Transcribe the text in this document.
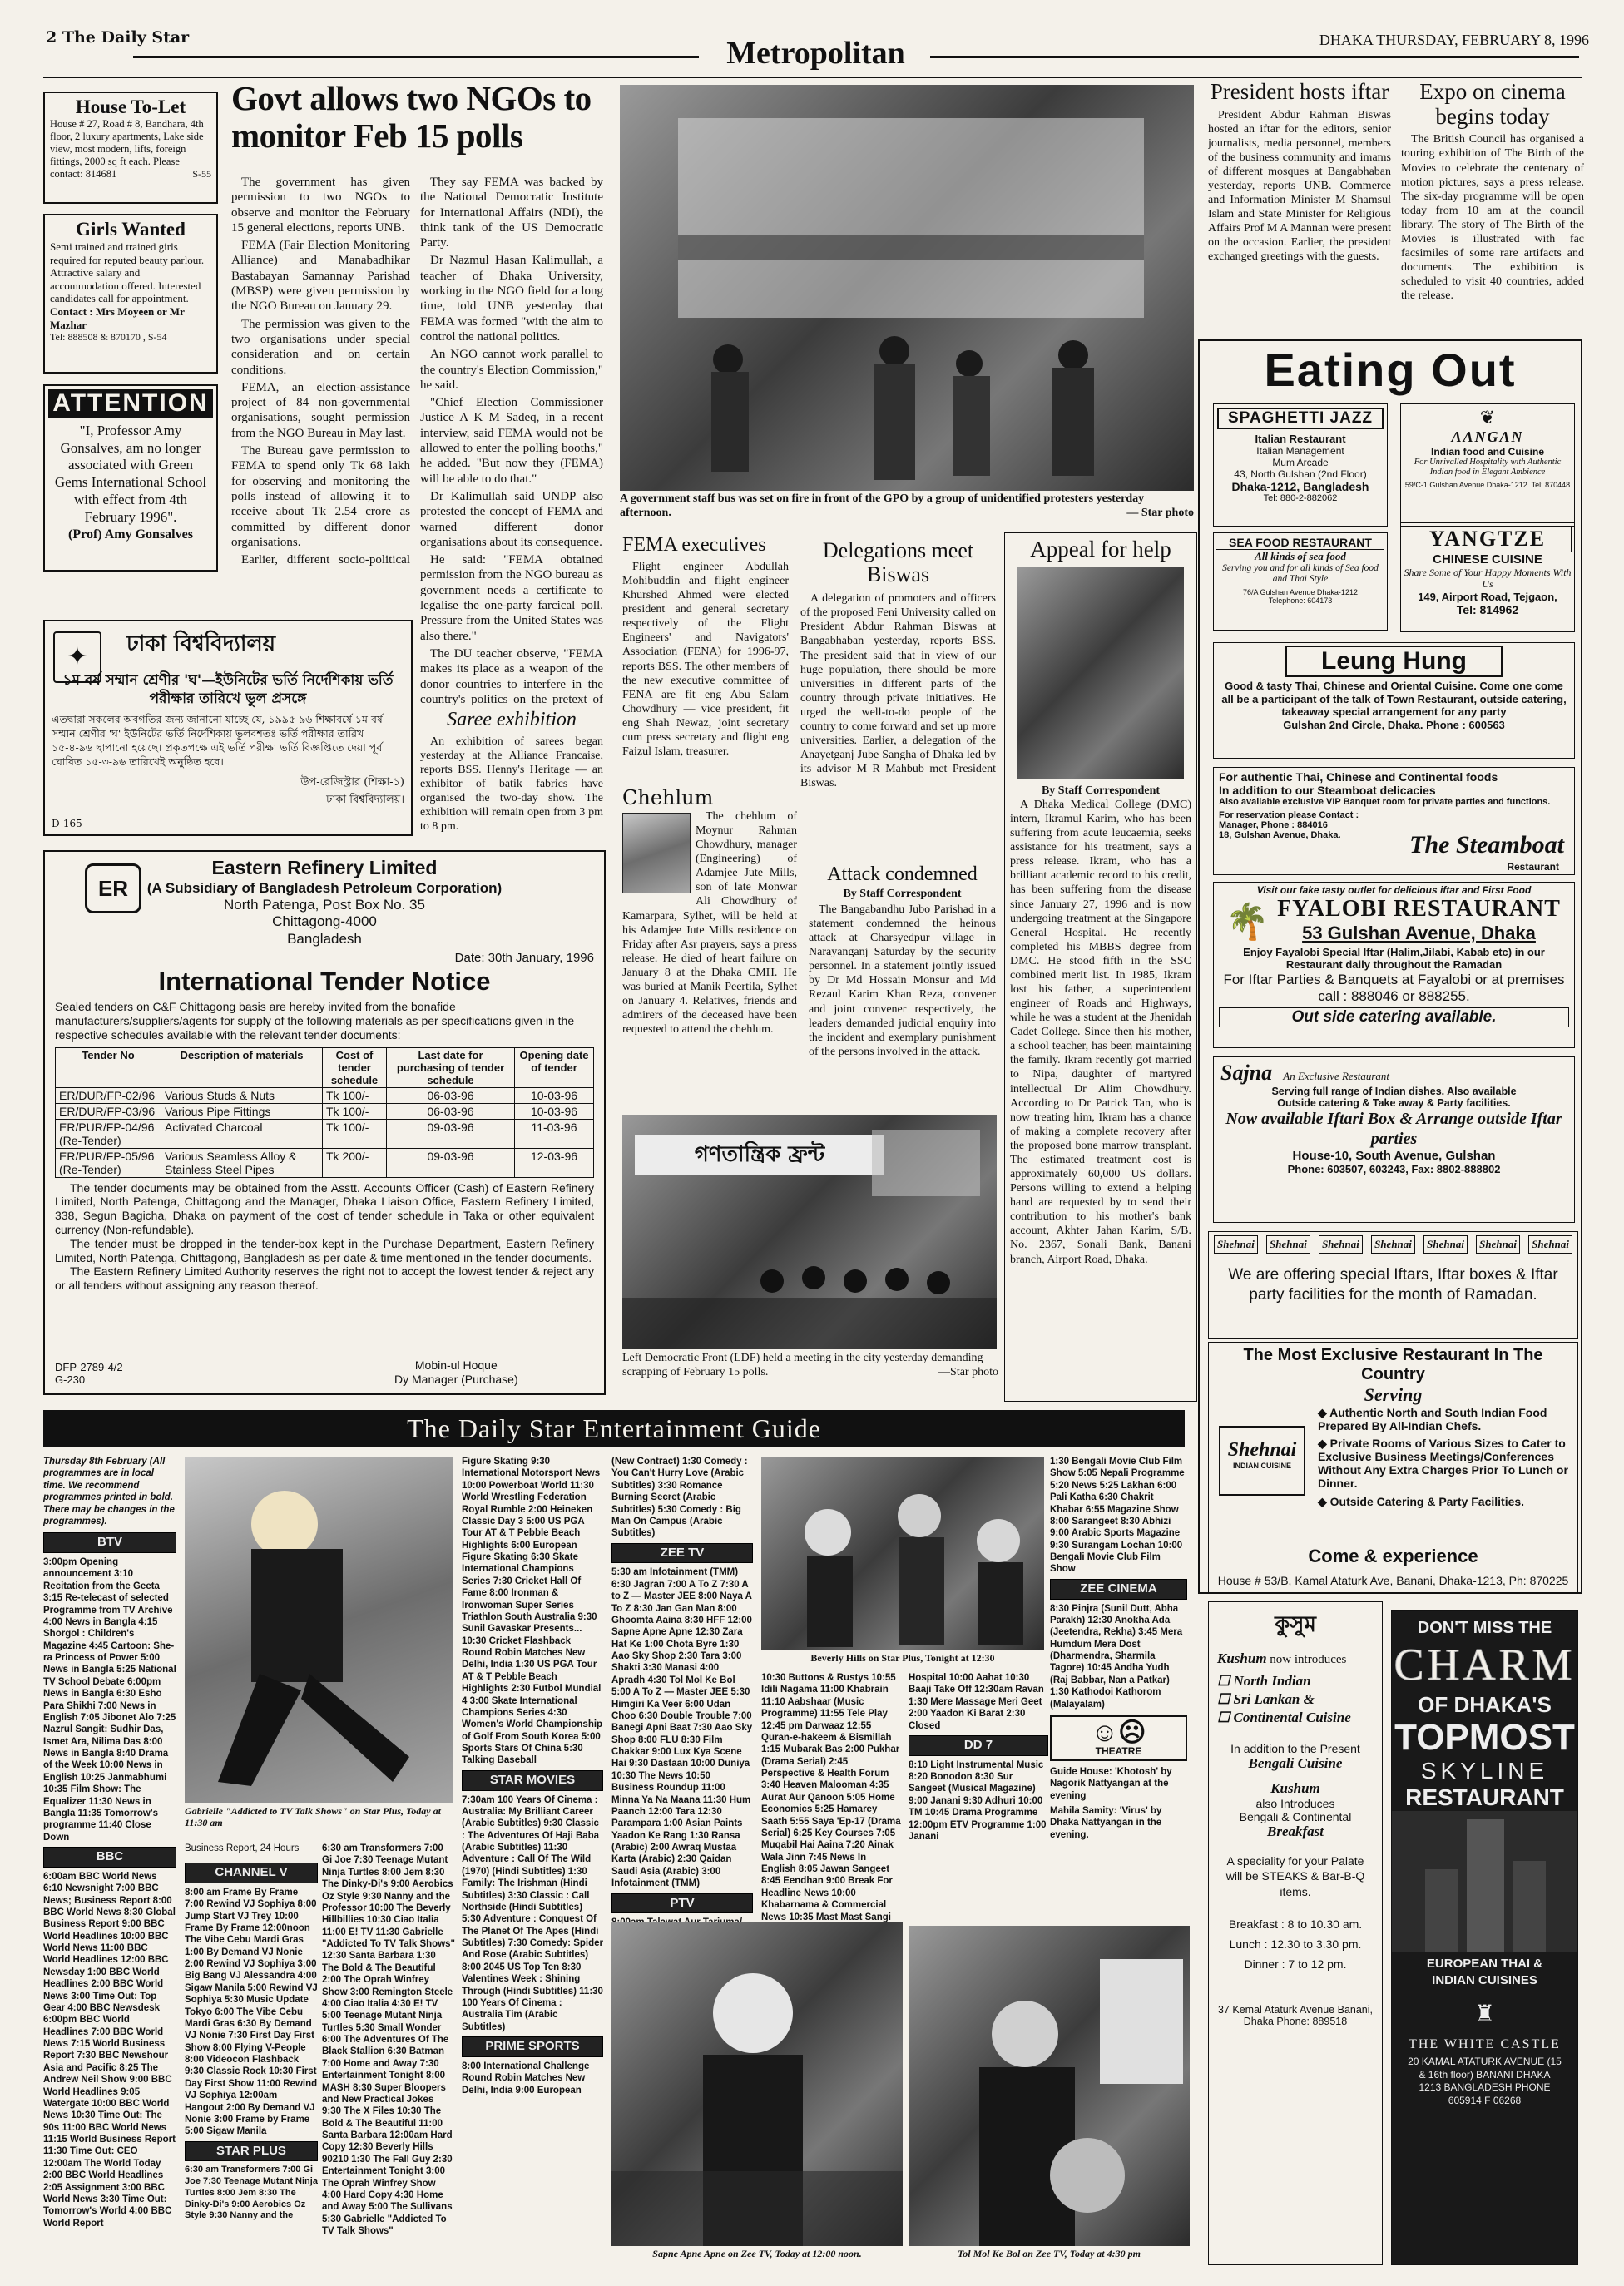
2 The Daily Star	Metropolitan	DHAKA THURSDAY, FEBRUARY 8, 1996
House To-Let
House # 27, Road # 8, Bandhara, 4th floor, 2 luxury apartments, Lake side view, most modern, lifts, foreign fittings, 2000 sq ft each. Please contact: 814681	S-55
Girls Wanted
Semi trained and trained girls required for reputed beauty parlour. Attractive salary and accommodation offered. Interested candidates call for appointment.
Contact : Mrs Moyeen or Mr Mazhar
Tel: 888508 & 870170 , S-54
ATTENTION
"I, Professor Amy Gonsalves, am no longer associated with Green Gems International School with effect from 4th February 1996".
(Prof) Amy Gonsalves
Govt allows two NGOs to monitor Feb 15 polls

The government has given permission to two NGOs to observe and monitor the February 15 general elections, reports UNB.

FEMA (Fair Election Monitoring Alliance) and Manabadhikar Bastabayan Samannay Parishad (MBSP) were given permission by the NGO Bureau on January 29.

The permission was given to the two organisations under special consideration and on certain conditions.

FEMA, an election-assistance project of 84 non-governmental organisations, sought permission from the NGO Bureau in May last.

The Bureau gave permission to FEMA to spend only Tk 68 lakh for observing and monitoring the polls instead of allowing it to receive about Tk 2.54 crore as committed by different donor organisations.

Earlier, different socio-political

They say FEMA was backed by the National Democratic Institute for International Affairs (NDI), the think tank of the US Democratic Party.

Dr Nazmul Hasan Kalimullah, a teacher of Dhaka University, working in the NGO field for a long time, told UNB yesterday that FEMA was formed "with the aim to control the national politics.

An NGO cannot work parallel to the country's Election Commission," he said.

"Chief Election Commissioner Justice A K M Sadeq, in a recent interview, said FEMA would not be allowed to enter the polling booths," he added. "But now they (FEMA) will be able to do that."

Dr Kalimullah said UNDP also protested the concept of FEMA and warned different donor organisations about its consequence.

He said: "FEMA obtained permission from the NGO bureau as government needs a certificate to legalise the one-party farcical poll. Pressure from the United States was also there."

The DU teacher observe, "FEMA makes its place as a weapon of the donor countries to interfere in the country's politics on the pretext of

A government staff bus was set on fire in front of the GPO by a group of unidentified protesters yesterday afternoon.	— Star photo
President hosts iftar
President Abdur Rahman Biswas hosted an iftar for the editors, senior journalists, media personnel, members of the business community and imams of different mosques at Bangabhaban yesterday, reports UNB. Commerce and Information Minister M Shamsul Islam and State Minister for Religious Affairs Prof M A Mannan were present on the occasion. Earlier, the president exchanged greetings with the guests.
Expo on cinema begins today
The British Council has organised a touring exhibition of The Birth of the Movies to celebrate the centenary of motion pictures, says a press release. The six-day programme will be open today from 10 am at the council library. The story of The Birth of the Movies is illustrated with fac facsimiles of some rare artifacts and documents. The exhibition is scheduled to visit 40 countries, added the release.
✦	ঢাকা বিশ্ববিদ্যালয়
১ম বর্ষ সম্মান শ্রেণীর 'ঘ'—ইউনিটের ভর্তি নির্দেশিকায় ভর্তি পরীক্ষার তারিখে ভুল প্রসঙ্গে
এতদ্বারা সকলের অবগতির জন্য জানানো যাচ্ছে যে, ১৯৯৫-৯৬ শিক্ষাবর্ষে ১ম বর্ষ সম্মান শ্রেণীর 'ঘ' ইউনিটের ভর্তি নির্দেশিকায় ভুলবশতঃ ভর্তি পরীক্ষার তারিখ ১৫-৪-৯৬ ছাপানো হয়েছে। প্রকৃতপক্ষে এই ভর্তি পরীক্ষা ভর্তি বিজ্ঞপ্তিতে দেয়া পূর্ব ঘোষিত ১৫-৩-৯৬ তারিখেই অনুষ্ঠিত হবে।
উপ-রেজিস্ট্রার (শিক্ষা-১)
ঢাকা বিশ্ববিদ্যালয়।
D-165
Saree exhibition
An exhibition of sarees began yesterday at the Alliance Francaise, reports BSS. Henny's Heritage — an exhibitor of batik fabrics have organised the two-day show. The exhibition will remain open from 3 pm to 8 pm.
FEMA executives
Flight engineer Abdullah Mohibuddin and flight engineer Khurshed Ahmed were elected president and general secretary respectively of the Flight Engineers' and Navigators' Association (FENA) for 1996-97, reports BSS. The other members of the new executive committee of FENA are fit eng Abu Salam Chowdhury — vice president, fit eng Shah Newaz, joint secretary cum press secretary and flight eng Faizul Islam, treasurer.
Delegations meet Biswas
A delegation of promoters and officers of the proposed Feni University called on President Abdur Rahman Biswas at Bangabhaban yesterday, reports BSS. The president said that in view of our huge population, there should be more universities in different parts of the country through private initiatives. He urged the well-to-do people of the country to come forward and set up more universities. Earlier, a delegation of the Anayetganj Jube Sangha of Dhaka led by its advisor M R Mahbub met President Biswas.
Chehlum
The chehlum of Moynur Rahman Chowdhury, manager (Engineering) of Adamjee Jute Mills, son of late Monwar Ali Chowdhury of Kamarpara, Sylhet, will be held at his Adamjee Jute Mills residence on Friday after Asr prayers, says a press release. He died of heart failure on January 8 at the Dhaka CMH. He was buried at Manik Peertila, Sylhet on January 4. Relatives, friends and admirers of the deceased have been requested to attend the chehlum.
Attack condemned
By Staff Correspondent
The Bangabandhu Jubo Parishad in a statement condemned the heinous attack at Charsyedpur village in Narayanganj Saturday by the security personnel. In a statement jointly issued by Dr Md Hossain Monsur and Md Rezaul Karim Khan Reza, convener and joint convener respectively, the leaders demanded judicial enquiry into the incident and exemplary punishment of the persons involved in the attack.
Appeal for help
By Staff Correspondent
A Dhaka Medical College (DMC) intern, Ikramul Karim, who has been suffering from acute leucaemia, seeks assistance for his treatment, says a press release. Ikram, who has a brilliant academic record to his credit, has been suffering from the disease since January 27, 1996 and is now undergoing treatment at the Singapore General Hospital. He recently completed his MBBS degree from DMC. He stood fifth in the SSC combined merit list. In 1985, Ikram lost his father, a superintendent engineer of Roads and Highways, while he was a student at the Jhenidah Cadet College. Since then his mother, a school teacher, has been maintaining the family. Ikram recently got married to Nipa, daughter of martyred intellectual Dr Alim Chowdhury. According to Dr Patrick Tan, who is now treating him, Ikram has a chance of making a complete recovery after the proposed bone marrow transplant. The estimated treatment cost is approximately 60,000 US dollars. Persons willing to extend a helping hand are requested by to send their contribution to his mother's bank account, Akhter Jahan Karim, S/B. No. 2367, Sonali Bank, Banani branch, Airport Road, Dhaka.
গণতান্ত্রিক ফ্রন্ট
Left Democratic Front (LDF) held a meeting in the city yesterday demanding scrapping of February 15 polls.	—Star photo
ER
Eastern Refinery Limited
(A Subsidiary of Bangladesh Petroleum Corporation)
North Patenga, Post Box No. 35
Chittagong-4000
Bangladesh
Date: 30th January, 1996
International Tender Notice
Sealed tenders on C&F Chittagong basis are hereby invited from the bonafide manufacturers/suppliers/agents for supply of the following materials as per specifications given in the respective schedules available with the relevant tender documents:
Tender No	Description of materials	Cost of tender schedule	Last date for purchasing of tender schedule	Opening date of tender
ER/DUR/FP-02/96	Various Studs & Nuts	Tk 100/-	06-03-96	10-03-96
ER/DUR/FP-03/96	Various Pipe Fittings	Tk 100/-	06-03-96	10-03-96
ER/PUR/FP-04/96 (Re-Tender)	Activated Charcoal	Tk 100/-	09-03-96	11-03-96
ER/PUR/FP-05/96 (Re-Tender)	Various Seamless Alloy & Stainless Steel Pipes	Tk 200/-	09-03-96	12-03-96

The tender documents may be obtained from the Asstt. Accounts Officer (Cash) of Eastern Refinery Limited, North Patenga, Chittagong and the Manager, Dhaka Liaison Office, Eastern Refinery Limited, 338, Segun Bagicha, Dhaka on payment of the cost of tender schedule in Taka or other equivalent currency (Non-refundable).

The tender must be dropped in the tender-box kept in the Purchase Department, Eastern Refinery Limited, North Patenga, Chittagong, Bangladesh as per date & time mentioned in the tender documents.

The Eastern Refinery Limited Authority reserves the right not to accept the lowest tender & reject any or all tenders without assigning any reason thereof.

DFP-2789-4/2
G-230
Mobin-ul Hoque
Dy Manager (Purchase)
Eating Out
SPAGHETTI JAZZ
Italian Restaurant
Italian Management
Mum Arcade
43, North Gulshan (2nd Floor)
Dhaka-1212, Bangladesh
Tel: 880-2-882062
❦
AANGAN
Indian food and Cuisine
For Unrivalled Hospitality with Authentic Indian food in Elegant Ambience
59/C-1 Gulshan Avenue Dhaka-1212. Tel: 870448
SEA FOOD RESTAURANT
All kinds of sea food
Serving you and for all kinds of Sea food and Thai Style
76/A Gulshan Avenue Dhaka-1212
Telephone: 604173
YANGTZE
CHINESE CUISINE
Share Some of Your Happy Moments With Us
149, Airport Road, Tejgaon,
Tel: 814962
Leung Hung
Good & tasty Thai, Chinese and Oriental Cuisine. Come one come all be a participant of the talk of Town Restaurant, outside catering, takeaway special arrangement for any party
Gulshan 2nd Circle, Dhaka. Phone : 600563
For authentic Thai, Chinese and Continental foods
In addition to our Steamboat delicacies
Also available exclusive VIP Banquet room for private parties and functions.
For reservation please Contact : Manager, Phone : 884016
18, Gulshan Avenue, Dhaka.	The Steamboat
Restaurant
Visit our fake tasty outlet for delicious iftar and First Food
🌴 FYALOBI RESTAURANT
53 Gulshan Avenue, Dhaka
Enjoy Fayalobi Special Iftar (Halim,Jilabi, Kabab etc) in our Restaurant daily throughout the Ramadan
For Iftar Parties & Banquets at Fayalobi or at premises call : 888046 or 888255.
Out side catering available.
Sajna An Exclusive Restaurant
Serving full range of Indian dishes. Also available
Outside catering & Take away & Party facilities.
Now available Iftari Box & Arrange outside Iftar parties
House-10, South Avenue, Gulshan
Phone: 603507, 603243, Fax: 8802-888802
Shehnai	Shehnai	Shehnai	Shehnai	Shehnai	Shehnai	Shehnai
We are offering special Iftars, Iftar boxes & Iftar party facilities for the month of Ramadan.
The Most Exclusive Restaurant In The Country
Serving
Shehnai
INDIAN CUISINE
◆ Authentic North and South Indian Food Prepared By All-Indian Chefs.
◆ Private Rooms of Various Sizes to Cater to Exclusive Business Meetings/Conferences Without Any Extra Charges Prior To Lunch or Dinner.
◆ Outside Catering & Party Facilities.
Come & experience
House # 53/B, Kamal Ataturk Ave, Banani, Dhaka-1213, Ph: 870225
কুসুম
Kushum now introduces
☐ North Indian
☐ Sri Lankan &
☐ Continental Cuisine
In addition to the Present
Bengali Cuisine
Kushum
also Introduces
Bengali & Continental
Breakfast
A speciality for your Palate will be STEAKS & Bar-B-Q items.
Breakfast : 8 to 10.30 am.
Lunch : 12.30 to 3.30 pm.
Dinner : 7 to 12 pm.
37 Kemal Ataturk Avenue Banani, Dhaka Phone: 889518
DON'T MISS THE
CHARM
OF DHAKA'S
TOPMOST
SKYLINE
RESTAURANT
EUROPEAN THAI & INDIAN CUISINES
♜
THE WHITE CASTLE
20 KAMAL ATATURK AVENUE (15 & 16th floor) BANANI DHAKA 1213 BANGLADESH PHONE 605914 F 06268
The Daily Star Entertainment Guide
Thursday 8th February (All programmes are in local time. We recommend programmes printed in bold. There may be changes in the programmes).
BTV
3:00pm Opening announcement 3:10 Recitation from the Geeta 3:15 Re-telecast of selected Programme from TV Archive 4:00 News in Bangla 4:15 Shorgol : Children's Magazine 4:45 Cartoon: She-ra Princess of Power 5:00 News in Bangla 5:25 National TV School Debate 6:00pm News in Bangla 6:30 Esho Para Shikhi 7:00 News in English 7:05 Jibonet Alo 7:25 Nazrul Sangit: Sudhir Das, Ismet Ara, Nilima Das 8:00 News in Bangla 8:40 Drama of the Week 10:00 News in English 10:25 Janmabhumi 10:35 Film Show: The Equalizer 11:30 News in Bangla 11:35 Tomorrow's programme 11:40 Close Down
BBC
6:00am BBC World News 6:10 Newsnight 7:00 BBC News; Business Report 8:00 BBC World News 8:30 Global Business Report 9:00 BBC World Headlines 10:00 BBC World News 11:00 BBC World Headlines 12:00 BBC Newsday 1:00 BBC World Headlines 2:00 BBC World News 3:00 Time Out: Top Gear 4:00 BBC Newsdesk 6:00pm BBC World Headlines 7:00 BBC World News 7:15 World Business Report 7:30 BBC Newshour Asia and Pacific 8:25 The Andrew Neil Show 9:00 BBC World Headlines 9:05 Watergate 10:00 BBC World News 10:30 Time Out: The 90s 11:00 BBC World News 11:15 World Business Report 11:30 Time Out: CEO 12:00am The World Today 2:00 BBC World Headlines 2:05 Assignment 3:00 BBC World News 3:30 Time Out: Tomorrow's World 4:00 BBC World Report
Gabrielle "Addicted to TV Talk Shows" on Star Plus, Today at 11:30 am
Business Report, 24 Hours
CHANNEL V
8:00 am Frame By Frame 7:00 Rewind VJ Sophiya 8:00 Jump Start VJ Trey 10:00 Frame By Frame 12:00noon The Vibe Cebu Mardi Gras 1:00 By Demand VJ Nonie 2:00 Rewind VJ Sophiya 3:00 Big Bang VJ Alessandra 4:00 Sigaw Manila 5:00 Rewind VJ Sophiya 5:30 Music Update Tokyo 6:00 The Vibe Cebu Mardi Gras 6:30 By Demand VJ Nonie 7:30 First Day First Show 8:00 Flying V-People 8:00 Videocon Flashback 9:30 Classic Rock 10:30 First Day First Show 11:00 Rewind VJ Sophiya 12:00am Hangout 2:00 By Demand VJ Nonie 3:00 Frame by Frame 5:00 Sigaw Manila
STAR PLUS
6:30 am Transformers 7:00 Gi Joe 7:30 Teenage Mutant Ninja Turtles 8:00 Jem 8:30 The Dinky-Di's 9:00 Aerobics Oz Style 9:30 Nanny and the
6:30 am Transformers 7:00 Gi Joe 7:30 Teenage Mutant Ninja Turtles 8:00 Jem 8:30 The Dinky-Di's 9:00 Aerobics Oz Style 9:30 Nanny and the Professor 10:00 The Beverly Hillbillies 10:30 Ciao Italia 11:00 E! TV 11:30 Gabrielle "Addicted To TV Talk Shows" 12:30 Santa Barbara 1:30 The Bold & The Beautiful 2:00 The Oprah Winfrey Show 3:00 Remington Steele 4:00 Ciao Italia 4:30 E! TV 5:00 Teenage Mutant Ninja Turtles 5:30 Small Wonder 6:00 The Adventures Of The Black Stallion 6:30 Batman 7:00 Home and Away 7:30 Entertainment Tonight 8:00 MASH 8:30 Super Bloopers and New Practical Jokes 9:30 The X Files 10:30 The Bold & The Beautiful 11:00 Santa Barbara 12:00am Hard Copy 12:30 Beverly Hills 90210 1:30 The Fall Guy 2:30 Entertainment Tonight 3:00 The Oprah Winfrey Show 4:00 Hard Copy 4:30 Home and Away 5:00 The Sullivans 5:30 Gabrielle "Addicted To TV Talk Shows"
Figure Skating 9:30 International Motorsport News 10:00 Powerboat World 11:30 World Wrestling Federation Royal Rumble 2:00 Heineken Classic Day 3 5:00 US PGA Tour AT & T Pebble Beach Highlights 6:00 European Figure Skating 6:30 Skate International Champions Series 7:30 Cricket Hall Of Fame 8:00 Ironman & Ironwoman Super Series Triathlon South Australia 9:30 Sunil Gavaskar Presents... 10:30 Cricket Flashback Round Robin Matches New Delhi, India 1:30 US PGA Tour AT & T Pebble Beach Highlights 2:30 Futbol Mundial 4 3:00 Skate International Champions Series 4:30 Women's World Championship of Golf From South Korea 5:00 Sports Stars Of China 5:30 Talking Baseball
STAR MOVIES
7:30am 100 Years Of Cinema : Australia: My Brilliant Career (Arabic Subtitles) 9:30 Classic : The Adventures Of Haji Baba (Arabic Subtitles) 11:30 Adventure : Call Of The Wild (1970) (Hindi Subtitles) 1:30 Family: The Irishman (Hindi Subtitles) 3:30 Classic : Call Northside (Hindi Subtitles) 5:30 Adventure : Conquest Of The Planet Of The Apes (Hindi Subtitles) 7:30 Comedy: Spider And Rose (Arabic Subtitles) 8:00 2045 US Top Ten 8:30 Valentines Week : Shining Through (Hindi Subtitles) 11:30 100 Years Of Cinema : Australia Tim (Arabic Subtitles)
PRIME SPORTS
8:00 International Challenge Round Robin Matches New Delhi, India 9:00 European
(New Contract) 1:30 Comedy : You Can't Hurry Love (Arabic Subtitles) 3:30 Romance Burning Secret (Arabic Subtitles) 5:30 Comedy : Big Man On Campus (Arabic Subtitles)
ZEE TV
5:30 am Infotainment (TMM) 6:30 Jagran 7:00 A To Z 7:30 A to Z — Master JEE 8:00 Naya A To Z 8:30 Jan Gan Man 8:00 Ghoomta Aaina 8:30 HFF 12:00 Sapne Apne Apne 12:30 Zara Hat Ke 1:00 Chota Byre 1:30 Aao Sky Shop 2:30 Tara 3:00 Shakti 3:30 Manasi 4:00 Apradh 4:30 Tol Mol Ke Bol 5:00 A To Z — Master JEE 5:30 Himgiri Ka Veer 6:00 Udan Choo 6:30 Double Trouble 7:00 Banegi Apni Baat 7:30 Aao Sky Shop 8:00 FLU 8:30 Film Chakkar 9:00 Lux Kya Scene Hai 9:30 Dastaan 10:00 Duniya 10:30 The News 10:50 Business Roundup 11:00 Minna Ya Na Maana 11:30 Hum Paanch 12:00 Tara 12:30 Parampara 1:00 Asian Paints Yaadon Ke Rang 1:30 Ransa (Arabic) 2:00 Awraq Mustaa Karta (Arabic) 2:30 Qaidan Saudi Asia (Arabic) 3:00 Infotainment (TMM)
PTV
Beverly Hills on Star Plus, Tonight at 12:30
10:30 Buttons & Rustys 10:55 Idili Nagama 11:00 Khabrain 11:10 Aabshaar (Music Programme) 11:55 Tele Play 12:45 pm Darwaaz 12:55 Quran-e-hakeem & Bismillah 1:15 Mubarak Bas 2:00 Pukhar (Drama Serial) 2:45 Perspective & Health Forum 3:40 Heaven Malooman 4:35 Aurat Aur Qanoon 5:05 Home Economics 5:25 Hamarey Saath 5:55 Saya 'Ep-17 (Drama Serial) 6:25 Key Courses 7:05 Muqabil Hai Aaina 7:20 Ainak Wala Jinn 7:45 News In English 8:05 Jawan Sangeet 8:45 Eendhan 9:00 Break For Headline News 10:00 Khabarnama & Commercial News 10:35 Mast Mast Sangi
Hospital 10:00 Aahat 10:30 Baaji Take Off 12:30am Ravan 1:30 Mere Massage Meri Geet 2:00 Yaadon Ki Barat 2:30 Closed
DD 7
8:10 Light Instrumental Music 8:20 Bonodon 8:30 Sur Sangeet (Musical Magazine) 9:00 Janani 9:30 Adhuri 10:00 TM 10:45 Drama Programme 12:00pm ETV Programme 1:00 Janani
1:30 Bengali Movie Club Film Show 5:05 Nepali Programme 5:20 News 5:25 Lakhan 6:00 Pali Katha 6:30 Chakrit Khabar 6:55 Magazine Show 8:00 Sarangeet 8:30 Abhizi 9:00 Arabic Sports Magazine 9:30 Surangam Lochan 10:00 Bengali Movie Club Film Show
ZEE CINEMA
8:30 Pinjra (Sunil Dutt, Abha Parakh) 12:30 Anokha Ada (Jeetendra, Rekha) 3:45 Mera Humdum Mera Dost (Dharmendra, Sharmila Tagore) 10:45 Andha Yudh (Raj Babbar, Nan a Patkar) 1:30 Kathodoi Kathorom (Malayalam)
☺☹
THEATRE
Guide House: 'Khotosh' by Nagorik Nattyangan at the evening
Mahila Samity: 'Virus' by Dhaka Nattyangan in the evening.
Sapne Apne Apne on Zee TV, Today at 12:00 noon.	Tol Mol Ke Bol on Zee TV, Today at 4:30 pm
